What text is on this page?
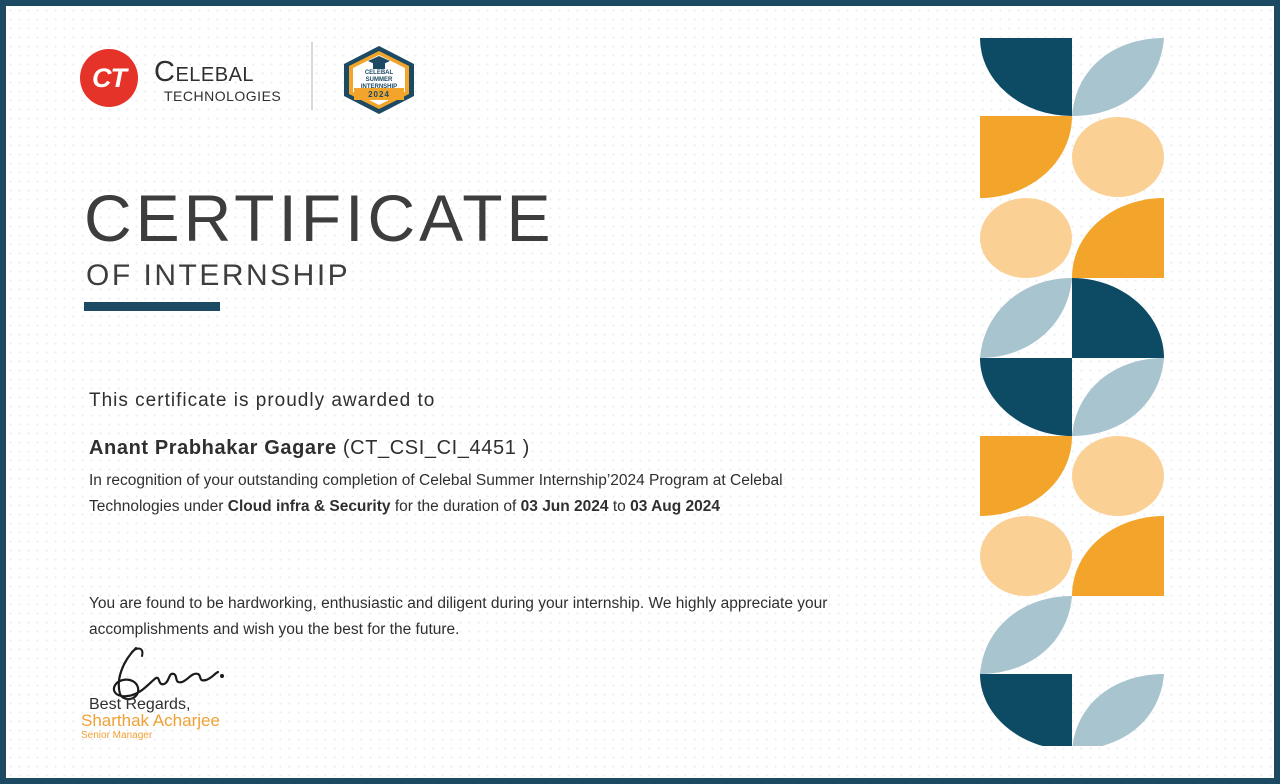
CT Celebal
TECHNOLOGIES
CELEBAL SUMMER
INTERNSHIP
2024
CERTIFICATE
OF INTERNSHIP
This certificate is proudly awarded to
Anant Prabhakar Gagare (CT_CSI_CI_4451 )
In recognition of your outstanding completion of Celebal Summer Internship’2024 Program at Celebal Technologies under Cloud infra & Security for the duration of 03 Jun 2024 to 03 Aug 2024
You are found to be hardworking, enthusiastic and diligent during your internship. We highly appreciate your accomplishments and wish you the best for the future.
Best Regards,
Sharthak Acharjee
Senior Manager
